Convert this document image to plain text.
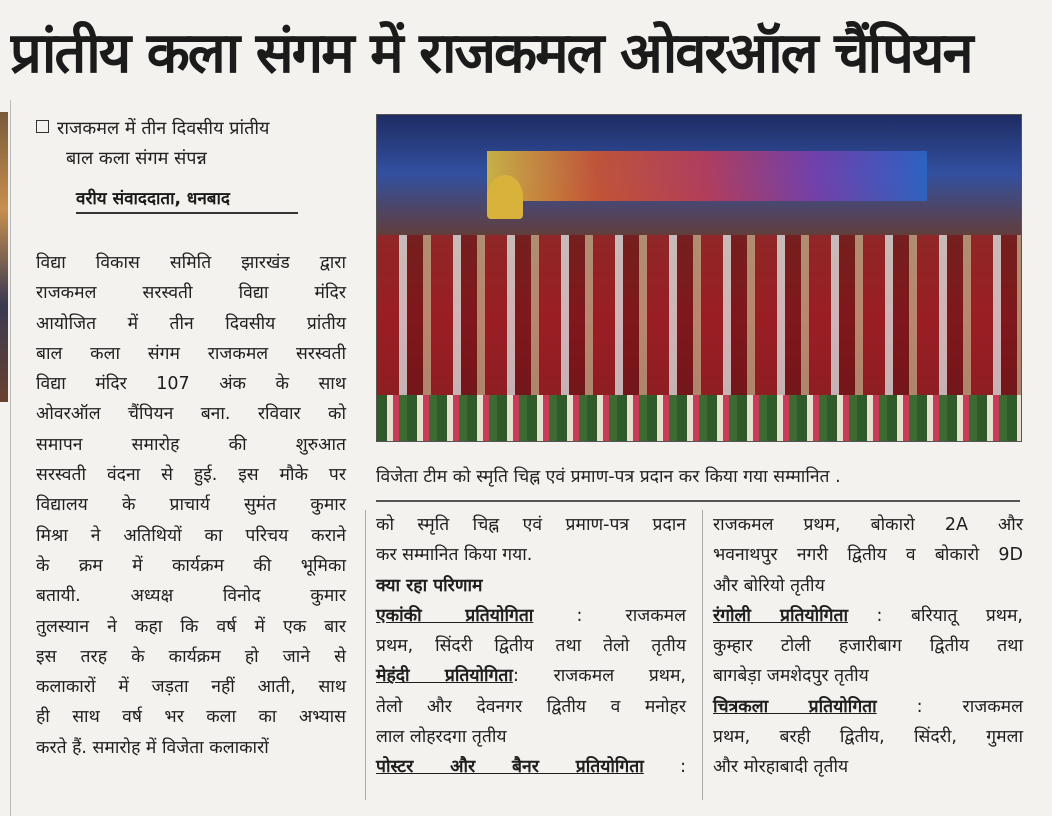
प्रांतीय कला संगम में राजकमल ओवरऑल चैंपियन
राजकमल में तीन दिवसीय प्रांतीय
बाल कला संगम संपन्न
वरीय संवाददाता, धनबाद
विद्या विकास समिति झारखंड द्वारा
राजकमल सरस्वती विद्या मंदिर
आयोजित में तीन दिवसीय प्रांतीय
बाल कला संगम राजकमल सरस्वती
विद्या मंदिर 107 अंक के साथ
ओवरऑल चैंपियन बना. रविवार को
समापन समारोह की शुरुआत
सरस्वती वंदना से हुई. इस मौके पर
विद्यालय के प्राचार्य सुमंत कुमार
मिश्रा ने अतिथियों का परिचय कराने
के क्रम में कार्यक्रम की भूमिका
बतायी. अध्यक्ष विनोद कुमार
तुलस्यान ने कहा कि वर्ष में एक बार
इस तरह के कार्यक्रम हो जाने से
कलाकारों में जड़ता नहीं आती, साथ
ही साथ वर्ष भर कला का अभ्यास
करते हैं. समारोह में विजेता कलाकारों
विजेता टीम को स्मृति चिह्न एवं प्रमाण-पत्र प्रदान कर किया गया सम्मानित .
को स्मृति चिह्न एवं प्रमाण-पत्र प्रदान
कर सम्मानित किया गया.
क्या रहा परिणाम
एकांकी प्रतियोगिता : राजकमल
प्रथम, सिंदरी द्वितीय तथा तेलो तृतीय
मेहंदी प्रतियोगिता: राजकमल प्रथम,
तेलो और देवनगर द्वितीय व मनोहर
लाल लोहरदगा तृतीय
पोस्टर और बैनर प्रतियोगिता :
राजकमल प्रथम, बोकारो 2A और
भवनाथपुर नगरी द्वितीय व बोकारो 9D
और बोरियो तृतीय
रंगोली प्रतियोगिता : बरियातू प्रथम,
कुम्हार टोली हजारीबाग द्वितीय तथा
बागबेड़ा जमशेदपुर तृतीय
चित्रकला प्रतियोगिता : राजकमल
प्रथम, बरही द्वितीय, सिंदरी, गुमला
और मोरहाबादी तृतीय
